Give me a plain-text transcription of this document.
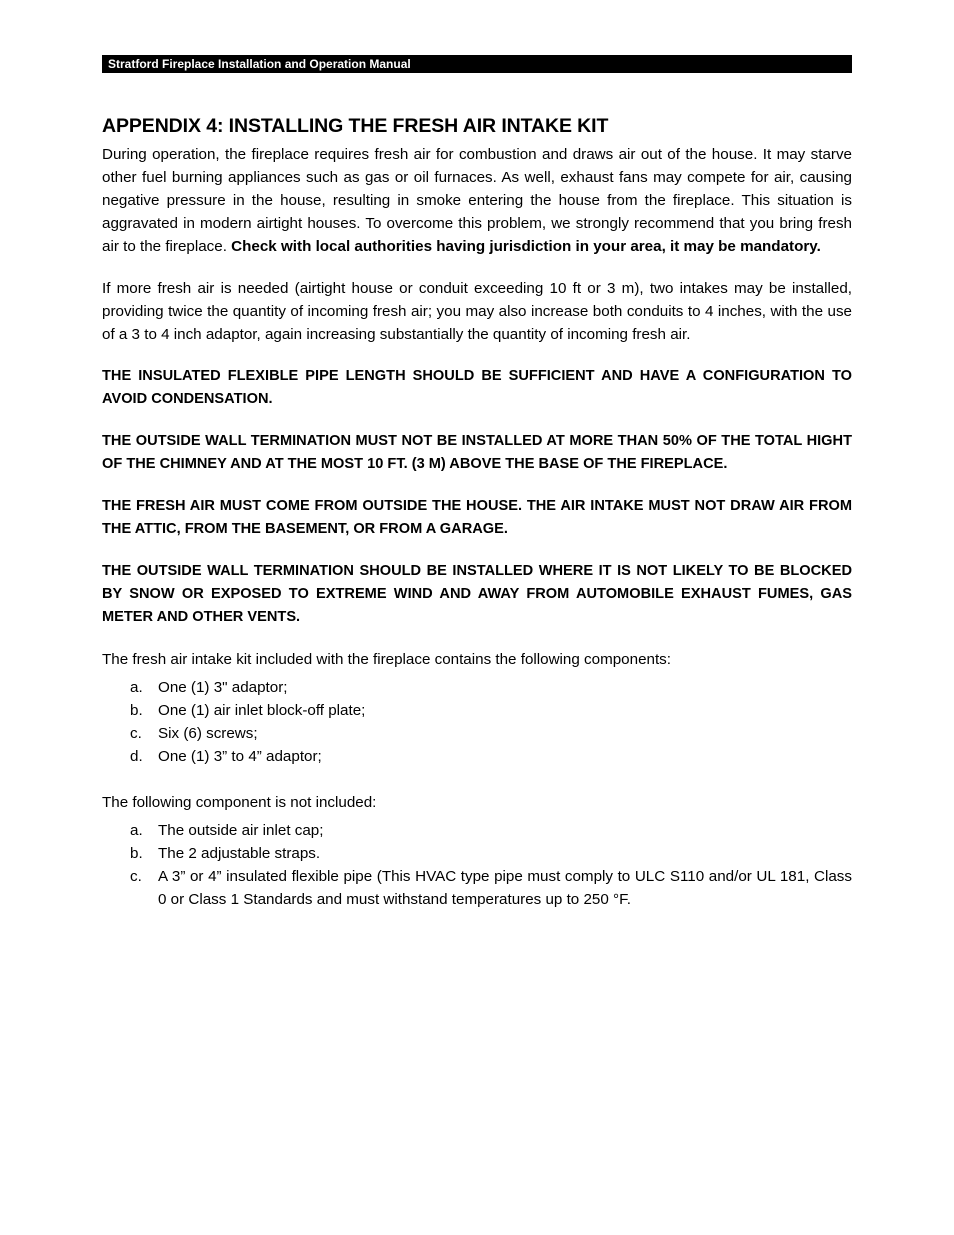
Stratford Fireplace Installation and Operation Manual
APPENDIX 4: INSTALLING THE FRESH AIR INTAKE KIT

During operation, the fireplace requires fresh air for combustion and draws air out of the house. It may starve other fuel burning appliances such as gas or oil furnaces. As well, exhaust fans may compete for air, causing negative pressure in the house, resulting in smoke entering the house from the fireplace. This situation is aggravated in modern airtight houses. To overcome this problem, we strongly recommend that you bring fresh air to the fireplace. Check with local authorities having jurisdiction in your area, it may be mandatory.

If more fresh air is needed (airtight house or conduit exceeding 10 ft or 3 m), two intakes may be installed, providing twice the quantity of incoming fresh air; you may also increase both conduits to 4 inches, with the use of a 3 to 4 inch adaptor, again increasing substantially the quantity of incoming fresh air.

THE INSULATED FLEXIBLE PIPE LENGTH SHOULD BE SUFFICIENT AND HAVE A CONFIGURATION TO AVOID CONDENSATION.

THE OUTSIDE WALL TERMINATION MUST NOT BE INSTALLED AT MORE THAN 50% OF THE TOTAL HIGHT OF THE CHIMNEY AND AT THE MOST 10 FT. (3 M) ABOVE THE BASE OF THE FIREPLACE.

THE FRESH AIR MUST COME FROM OUTSIDE THE HOUSE. THE AIR INTAKE MUST NOT DRAW AIR FROM THE ATTIC, FROM THE BASEMENT, OR FROM A GARAGE.

THE OUTSIDE WALL TERMINATION SHOULD BE INSTALLED WHERE IT IS NOT LIKELY TO BE BLOCKED BY SNOW OR EXPOSED TO EXTREME WIND AND AWAY FROM AUTOMOBILE EXHAUST FUMES, GAS METER AND OTHER VENTS.

The fresh air intake kit included with the fireplace contains the following components:

a. One (1) 3" adaptor;
b. One (1) air inlet block-off plate;
c. Six (6) screws;
d. One (1) 3” to 4” adaptor;

The following component is not included:

a. The outside air inlet cap;
b. The 2 adjustable straps.
c. A 3” or 4” insulated flexible pipe (This HVAC type pipe must comply to ULC S110 and/or UL 181, Class 0 or Class 1 Standards and must withstand temperatures up to 250 °F.
